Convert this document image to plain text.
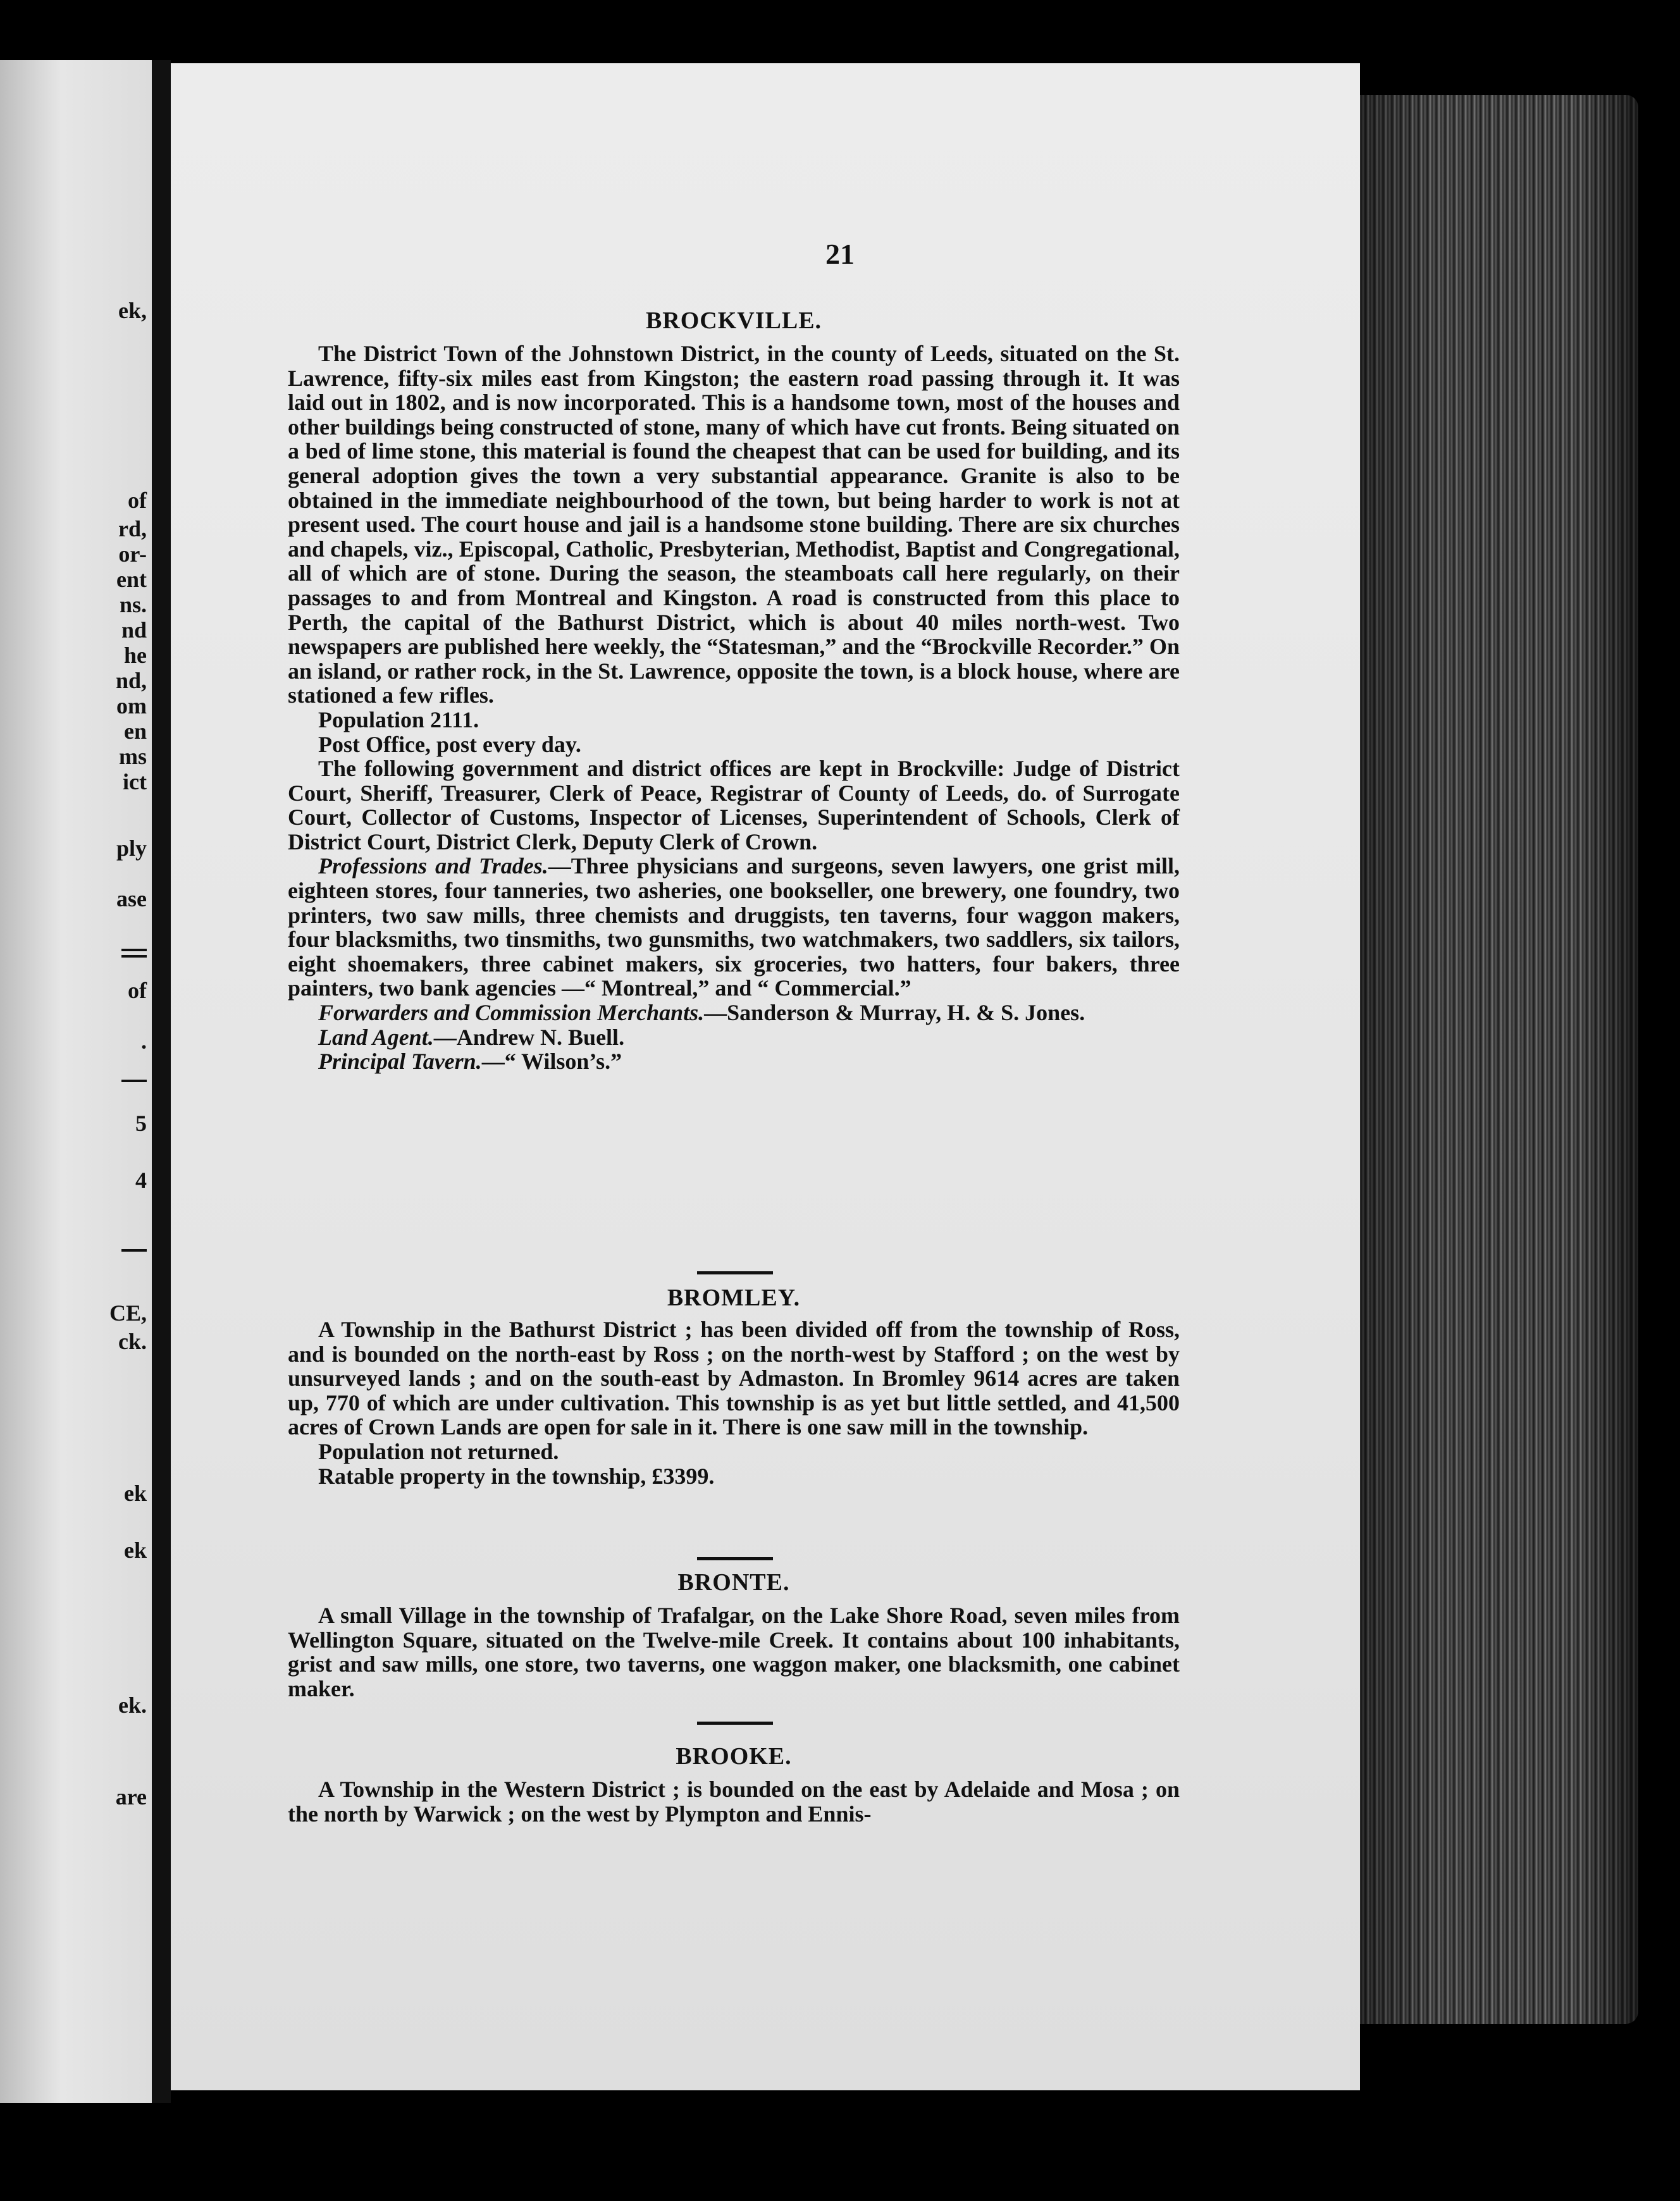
ek,
of
rd,
or-
ent
ns.
nd
he
nd,
om
en
ms
ict
ply
ase
of
.
5
4
CE,
ck.
ek
ek
ek.
are
21
BROCKVILLE.

The District Town of the Johnstown District, in the county of Leeds, situated on the St. Lawrence, fifty-six miles east from Kingston; the eastern road passing through it. It was laid out in 1802, and is now incorporated. This is a handsome town, most of the houses and other buildings being constructed of stone, many of which have cut fronts. Being situated on a bed of lime stone, this material is found the cheapest that can be used for building, and its general adoption gives the town a very substantial appearance. Granite is also to be obtained in the immediate neighbourhood of the town, but being harder to work is not at present used. The court house and jail is a handsome stone building. There are six churches and chapels, viz., Episcopal, Catholic, Presbyterian, Methodist, Baptist and Congregational, all of which are of stone. During the season, the steamboats call here regularly, on their passages to and from Montreal and Kingston. A road is constructed from this place to Perth, the capital of the Bathurst District, which is about 40 miles north-west. Two newspapers are published here weekly, the “Statesman,” and the “Brockville Recorder.” On an island, or rather rock, in the St. Lawrence, opposite the town, is a block house, where are stationed a few rifles.

Population 2111.

Post Office, post every day.

The following government and district offices are kept in Brockville: Judge of District Court, Sheriff, Treasurer, Clerk of Peace, Registrar of County of Leeds, do. of Surrogate Court, Collector of Customs, Inspector of Licenses, Superintendent of Schools, Clerk of District Court, District Clerk, Deputy Clerk of Crown.

Professions and Trades.—Three physicians and surgeons, seven lawyers, one grist mill, eighteen stores, four tanneries, two asheries, one bookseller, one brewery, one foundry, two printers, two saw mills, three chemists and druggists, ten taverns, four waggon makers, four blacksmiths, two tinsmiths, two gunsmiths, two watchmakers, two saddlers, six tailors, eight shoemakers, three cabinet makers, six groceries, two hatters, four bakers, three painters, two bank agencies —“ Montreal,” and “ Commercial.”

Forwarders and Commission Merchants.—Sanderson & Murray, H. & S. Jones.

Land Agent.—Andrew N. Buell.

Principal Tavern.—“ Wilson’s.”

BROMLEY.

A Township in the Bathurst District ; has been divided off from the township of Ross, and is bounded on the north-east by Ross ; on the north-west by Stafford ; on the west by unsurveyed lands ; and on the south-east by Admaston. In Bromley 9614 acres are taken up, 770 of which are under cultivation. This township is as yet but little settled, and 41,500 acres of Crown Lands are open for sale in it. There is one saw mill in the township.

Population not returned.

Ratable property in the township, £3399.

BRONTE.

A small Village in the township of Trafalgar, on the Lake Shore Road, seven miles from Wellington Square, situated on the Twelve-mile Creek. It contains about 100 inhabitants, grist and saw mills, one store, two taverns, one waggon maker, one blacksmith, one cabinet maker.

BROOKE.

A Township in the Western District ; is bounded on the east by Adelaide and Mosa ; on the north by Warwick ; on the west by Plympton and Ennis-
